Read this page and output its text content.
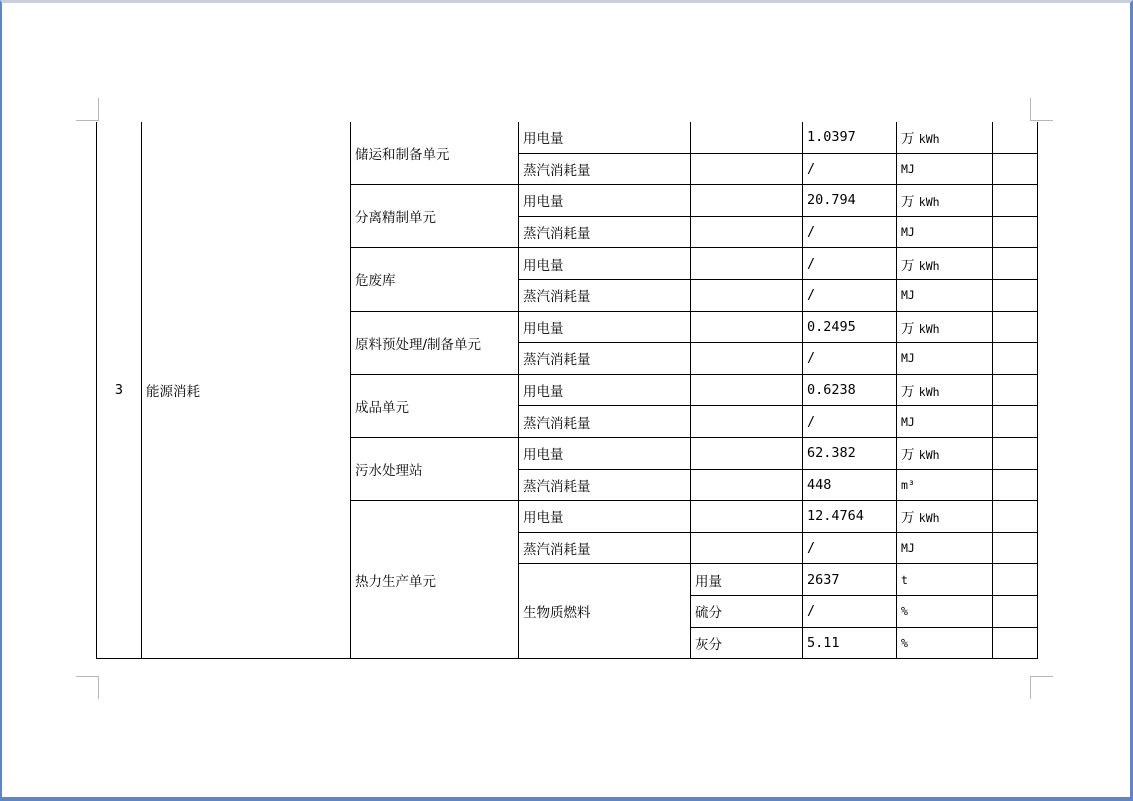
3	能源消耗	储运和制备单元	用电量		1.0397	万 kWh	
			蒸汽消耗量		/	MJ	
		分离精制单元	用电量		20.794	万 kWh	
			蒸汽消耗量		/	MJ	
		危废库	用电量		/	万 kWh	
			蒸汽消耗量		/	MJ	
		原料预处理/制备单元	用电量		0.2495	万 kWh	
			蒸汽消耗量		/	MJ	
		成品单元	用电量		0.6238	万 kWh	
			蒸汽消耗量		/	MJ	
		污水处理站	用电量		62.382	万 kWh	
			蒸汽消耗量		448	m³	
		热力生产单元	用电量		12.4764	万 kWh	
			蒸汽消耗量		/	MJ	
			生物质燃料	用量	2637	t	
				硫分	/	%	
				灰分	5.11	%	
